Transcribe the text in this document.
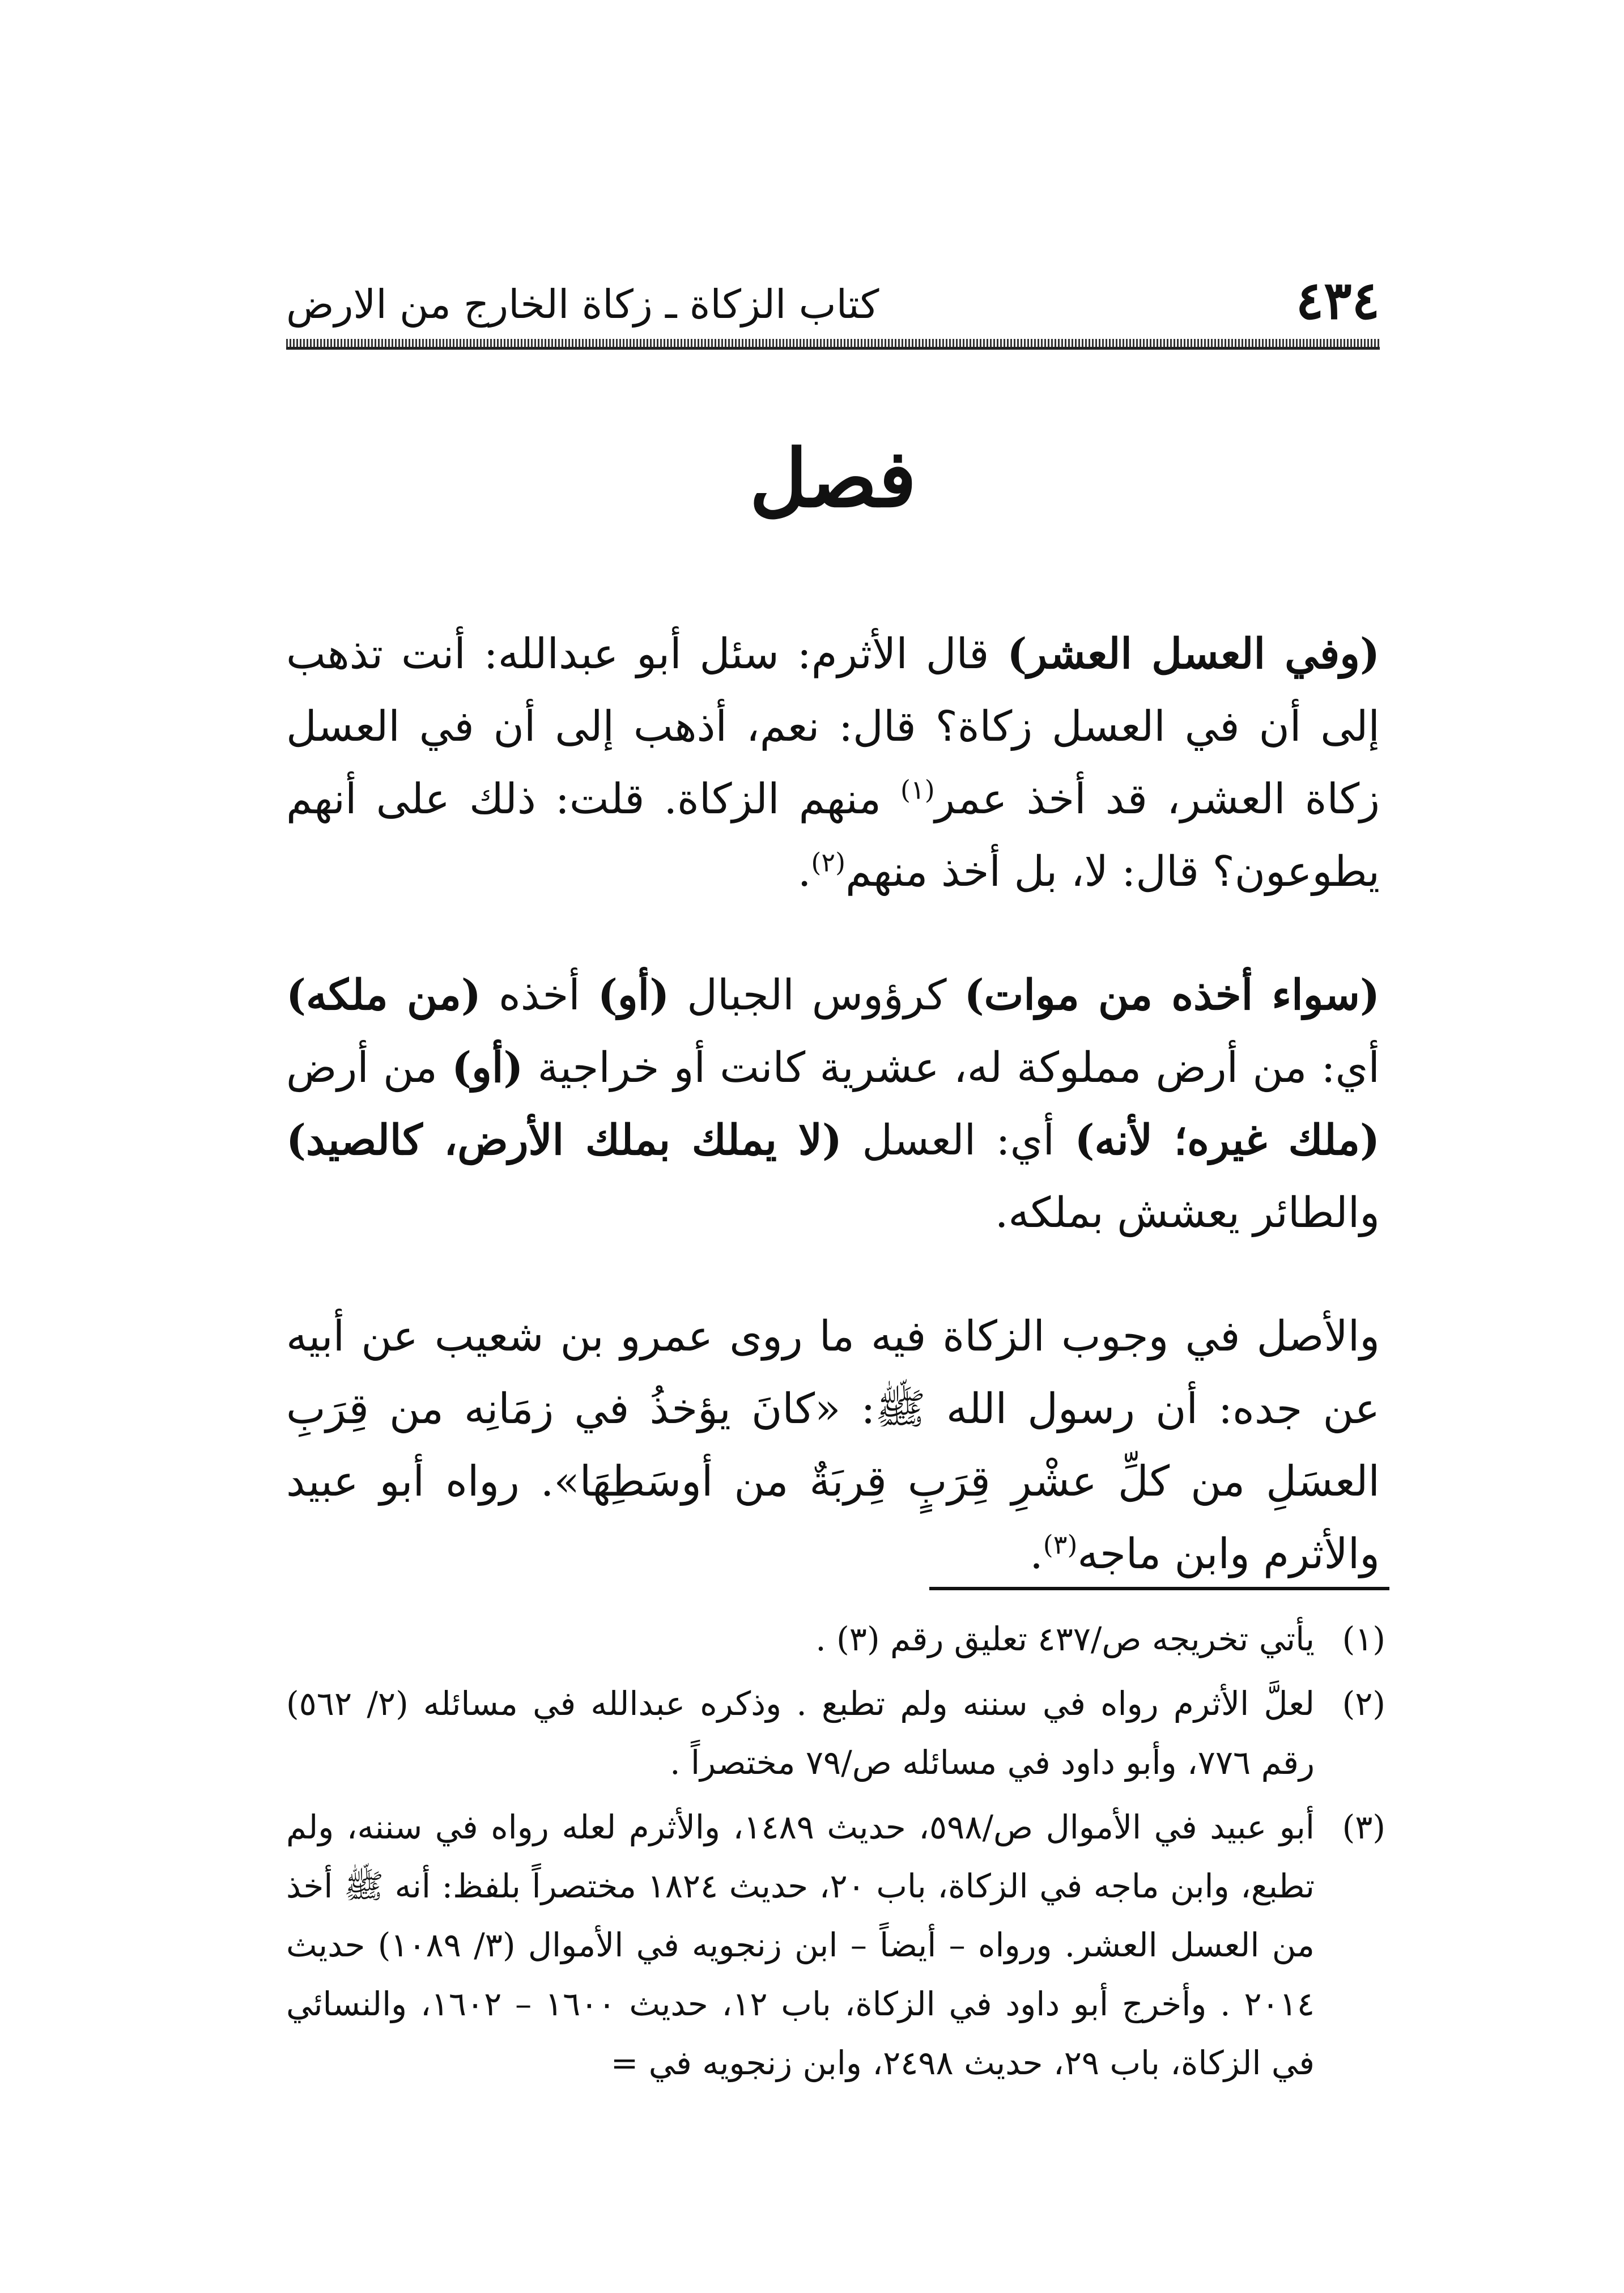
٤٣٤
كتاب الزكاة ـ زكاة الخارج من الارض
فصل

(وفي العسل العشر) قال الأثرم: سئل أبو عبدالله: أنت تذهب إلى أن في العسل زكاة؟ قال: نعم، أذهب إلى أن في العسل زكاة العشر، قد أخذ عمر$^{(١)}$ منهم الزكاة. قلت: ذلك على أنهم يطوعون؟ قال: لا، بل أخذ منهم$^{(٢)}$.

(سواء أخذه من موات) كرؤوس الجبال (أو) أخذه (من ملكه) أي: من أرض مملوكة له، عشرية كانت أو خراجية (أو) من أرض (ملك غيره؛ لأنه) أي: العسل (لا يملك بملك الأرض، كالصيد) والطائر يعشش بملكه.

والأصل في وجوب الزكاة فيه ما روى عمرو بن شعيب عن أبيه عن جده: أن رسول الله ﷺ: «كانَ يؤخذُ في زمَانِه من قِرَبِ العسَلِ من كلِّ عشْرِ قِرَبٍ قِربَةٌ من أوسَطِهَا». رواه أبو عبيد والأثرم وابن ماجه$^{(٣)}$.

(١)
يأتي تخريجه ص/٤٣٧ تعليق رقم (٣) .
(٢)
لعلَّ الأثرم رواه في سننه ولم تطبع . وذكره عبدالله في مسائله (٢/ ٥٦٢) رقم ٧٧٦، وأبو داود في مسائله ص/٧٩ مختصراً .
(٣)
أبو عبيد في الأموال ص/٥٩٨، حديث ١٤٨٩، والأثرم لعله رواه في سننه، ولم تطبع، وابن ماجه في الزكاة، باب ٢٠، حديث ١٨٢٤ مختصراً بلفظ: أنه ﷺ أخذ من العسل العشر. ورواه – أيضاً – ابن زنجويه في الأموال (٣/ ١٠٨٩) حديث ٢٠١٤ . وأخرج أبو داود في الزكاة، باب ١٢، حديث ١٦٠٠ – ١٦٠٢، والنسائي في الزكاة، باب ٢٩، حديث ٢٤٩٨، وابن زنجويه في =
